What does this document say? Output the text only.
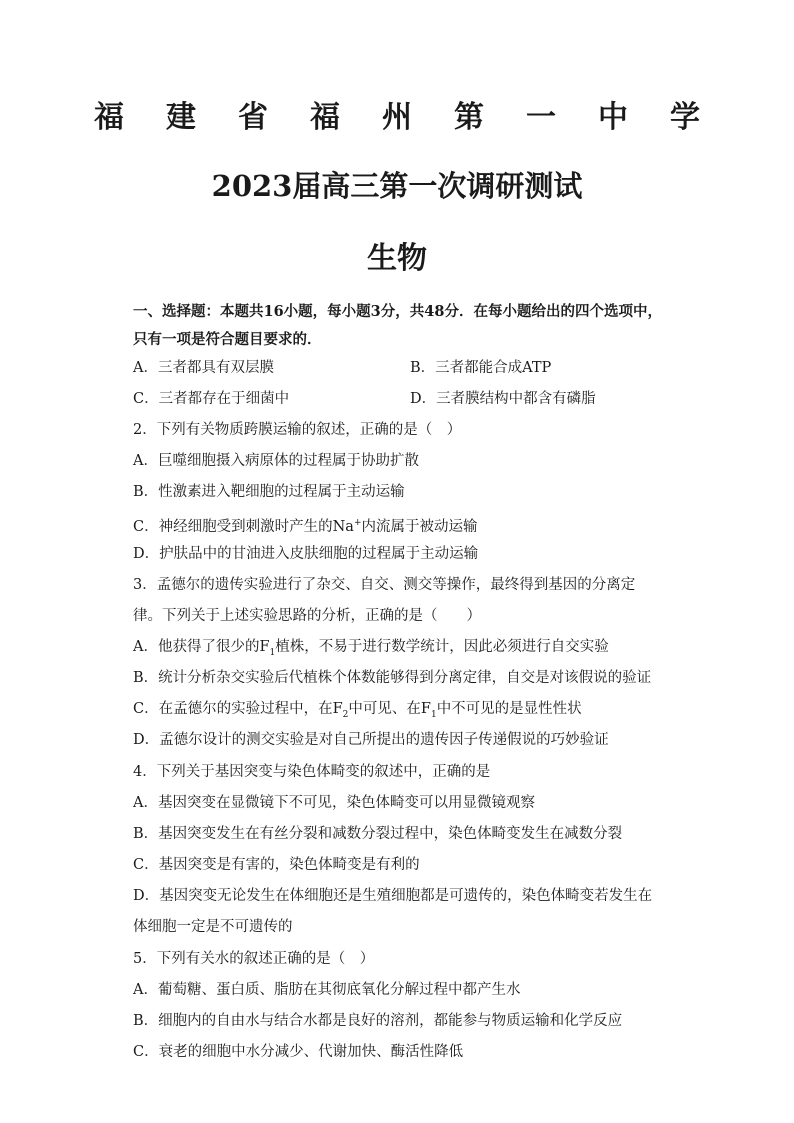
福 建 省 福 州 第 一 中 学
2023届高三第一次调研测试
生物
一、选择题：本题共16小题，每小题3分，共48分．在每小题给出的四个选项中，只有一项是符合题目要求的．
A．三者都具有双层膜	B．三者都能合成ATP
C．三者都存在于细菌中	D．三者膜结构中都含有磷脂
2．下列有关物质跨膜运输的叙述，正确的是（　）
A．巨噬细胞摄入病原体的过程属于协助扩散
B．性激素进入靶细胞的过程属于主动运输
C．神经细胞受到刺激时产生的Na+内流属于被动运输
D．护肤品中的甘油进入皮肤细胞的过程属于主动运输
3．孟德尔的遗传实验进行了杂交、自交、测交等操作，最终得到基因的分离定律。下列关于上述实验思路的分析，正确的是（　　）
A．他获得了很少的$F_1$植株，不易于进行数学统计，因此必须进行自交实验
B．统计分析杂交实验后代植株个体数能够得到分离定律，自交是对该假说的验证
C．在孟德尔的实验过程中，在$F_2$中可见、在$F_1$中不可见的是显性性状
D．孟德尔设计的测交实验是对自己所提出的遗传因子传递假说的巧妙验证
4．下列关于基因突变与染色体畸变的叙述中，正确的是
A．基因突变在显微镜下不可见，染色体畸变可以用显微镜观察
B．基因突变发生在有丝分裂和减数分裂过程中，染色体畸变发生在减数分裂
C．基因突变是有害的，染色体畸变是有利的
D．基因突变无论发生在体细胞还是生殖细胞都是可遗传的，染色体畸变若发生在体细胞一定是不可遗传的
5．下列有关水的叙述正确的是（　）
A．葡萄糖、蛋白质、脂肪在其彻底氧化分解过程中都产生水
B．细胞内的自由水与结合水都是良好的溶剂，都能参与物质运输和化学反应
C．衰老的细胞中水分减少、代谢加快、酶活性降低
